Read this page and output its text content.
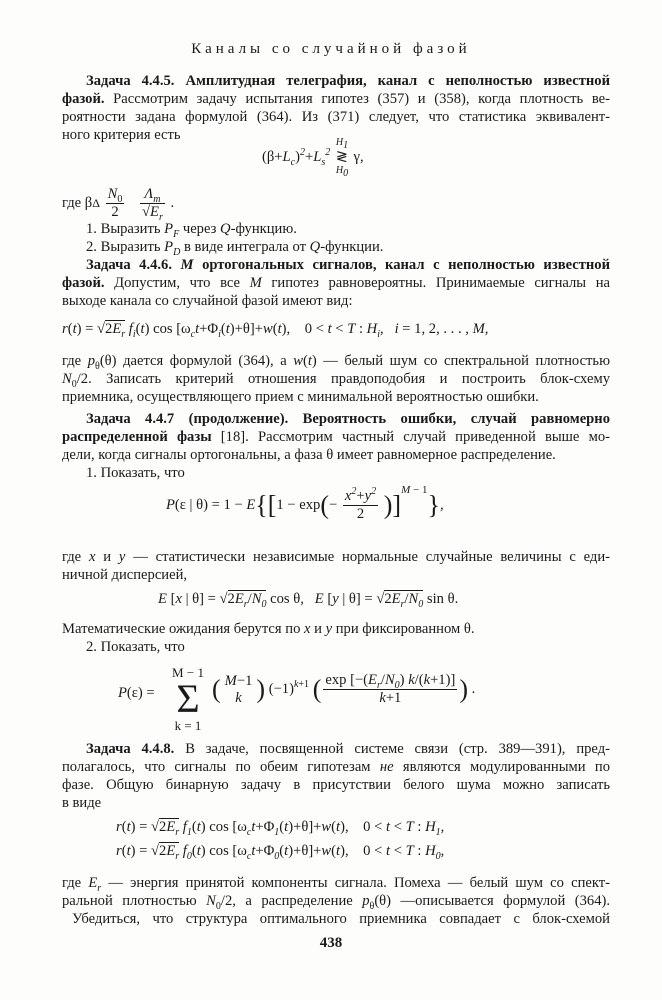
Каналы со случайной фазой
Задача 4.4.5. Амплитудная телеграфия, канал с неполностью известной
фазой. Рассмотрим задачу испытания гипотез (357) и (358), когда плотность ве-
роятности задана формулой (364). Из (371) следует, что статистика эквивалент-
ного критерия есть
$(\beta+L_c)^2+L_s^2$
$H_1$
≷
$H_0$
γ,
где βΔ $\frac{N_0}{2}$
$\frac{\Lambda_m}{√E_r}$ .
1. Выразить $P_F$ через Q-функцию.
2. Выразить $P_D$ в виде интеграла от Q-функции.
Задача 4.4.6. M ортогональных сигналов, канал с неполностью известной
фазой. Допустим, что все M гипотез равновероятны. Принимаемые сигналы на
выходе канала со случайной фазой имеют вид:
$r(t) = √2E_r$ $f_i(t)$ $\cos [\omega_ct+\Phi_i(t)+\theta]+w(t)$,    0 < t < T : $H_i$,   i = 1, 2, . . . , M,
где $p_\theta(\theta)$ дается формулой (364), а w(t) — белый шум со спектральной плотностью
$N_0/2$. Записать критерий отношения правдоподобия и построить блок-схему
приемника, осуществляющего прием с минимальной вероятностью ошибки.
Задача 4.4.7 (продолжение). Вероятность ошибки, случай равномерно
распределенной фазы [18]. Рассмотрим частный случай приведенной выше мо-
дели, когда сигналы ортогональны, а фаза θ имеет равномерное распределение.
1. Показать, что
P(ε | $\theta) = 1 - E\{[1 - \exp(- \frac{x^2+y^2}{2} )]^{M - 1}\}$,
где x и y — статистически независимые нормальные случайные величины с еди-
ничной дисперсией,
E [x | $\theta] = √2E_r/N_0$ cos θ,   E [y | $\theta] = √2E_r/N_0$ sin θ.
Математические ожидания берутся по x и y при фиксированном θ.
2. Показать, что
M − 1
Σ
k = 1
P(ε) = ( M−1
k ) $(-1)^{k+1}$ ( $\frac{\exp [-(E_r/N_0) k/(k+1)]}{k+1}$ ) .
Задача 4.4.8. В задаче, посвященной системе связи (стр. 389—391), пред-
полагалось, что сигналы по обеим гипотезам не являются модулированными по
фазе. Общую бинарную задачу в присутствии белого шума можно записать
в виде
$r(t) = √2E_r$ $f_1(t)$ $\cos [\omega_ct+\Phi_1(t)+\theta]+w(t)$,    0 < t < T : $H_1$,
$r(t) = √2E_r$ $f_0(t)$ $\cos [\omega_ct+\Phi_0(t)+\theta]+w(t)$,    0 < t < T : $H_0$,
где $E_r$ — энергия принятой компоненты сигнала. Помеха — белый шум со спект-
ральной плотностью $N_0/2$, а распределение $p_\theta(\theta)$ —описывается формулой (364).
Убедиться, что структура оптимального приемника совпадает с блок-схемой
438
